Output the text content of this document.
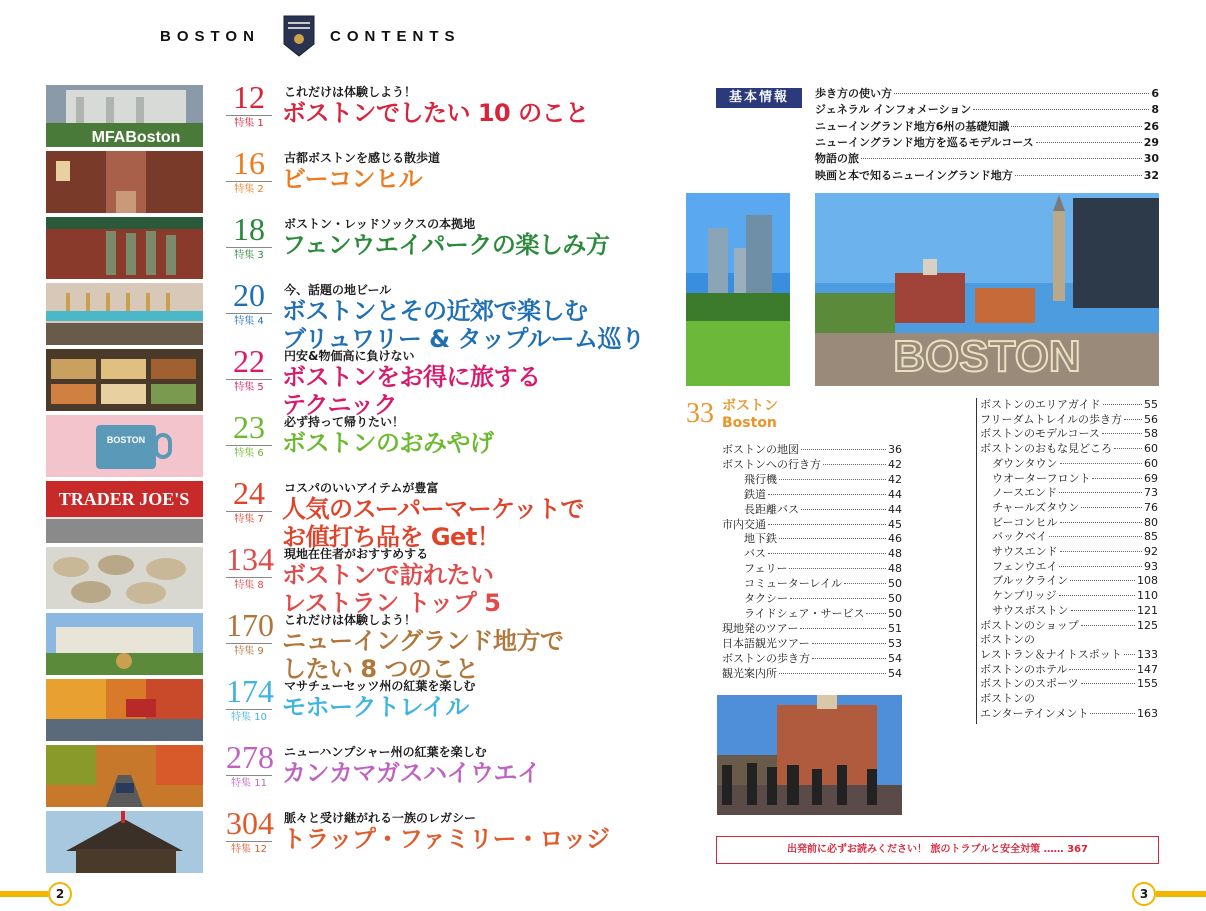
BOSTON	CONTENTS
MFABoston
12
特集 1
これだけは体験しよう！
ボストンでしたい 10 のこと
16
特集 2
古都ボストンを感じる散歩道
ビーコンヒル
18
特集 3
ボストン・レッドソックスの本拠地
フェンウエイパークの楽しみ方
20
特集 4
今、話題の地ビール
ボストンとその近郊で楽しむ
ブリュワリー & タップルーム巡り
22
特集 5
円安&物価高に負けない
ボストンをお得に旅する
テクニック
BOSTON	23
特集 6
必ず持って帰りたい！
ボストンのおみやげ
TRADER JOE'S 24
特集 7
コスパのいいアイテムが豊富
人気のスーパーマーケットで
お値打ち品を Get！
134
特集 8
現地在住者がおすすめする
ボストンで訪れたい
レストラン トップ 5
170
特集 9
これだけは体験しよう！
ニューイングランド地方で
したい 8 つのこと
174
特集 10
マサチューセッツ州の紅葉を楽しむ
モホークトレイル
278
特集 11
ニューハンプシャー州の紅葉を楽しむ
カンカマガスハイウエイ
304
特集 12
脈々と受け継がれる一族のレガシー
トラップ・ファミリー・ロッジ
基本情報	歩き方の使い方	6
ジェネラル インフォメーション	8
ニューイングランド地方6州の基礎知識	26
ニューイングランド地方を巡るモデルコース	29
物語の旅	30
映画と本で知るニューイングランド地方	32
BOSTON
33 ボストン
Boston
ボストンの地図	36
ボストンへの行き方	42
飛行機	42
鉄道	44
長距離バス	44
市内交通	45
地下鉄	46
バス	48
フェリー	48
コミューターレイル	50
タクシー	50
ライドシェア・サービス 50
現地発のツアー	51
日本語観光ツアー	53
ボストンの歩き方	54
観光案内所	54
ボストンのエリアガイド	55
フリーダムトレイルの歩き方 56
ボストンのモデルコース	58
ボストンのおもな見どころ	60
ダウンタウン	60
ウオーターフロント	69
ノースエンド	73
チャールズタウン	76
ビーコンヒル	80
バックベイ	85
サウスエンド	92
フェンウエイ	93
ブルックライン	108
ケンブリッジ	110
サウスボストン	121
ボストンのショップ	125
ボストンの
レストラン＆ナイトスポット 133
ボストンのホテル	147
ボストンのスポーツ	155
ボストンの
エンターテインメント	163
出発前に必ずお読みください！ 旅のトラブルと安全対策 …… 367
2	3
